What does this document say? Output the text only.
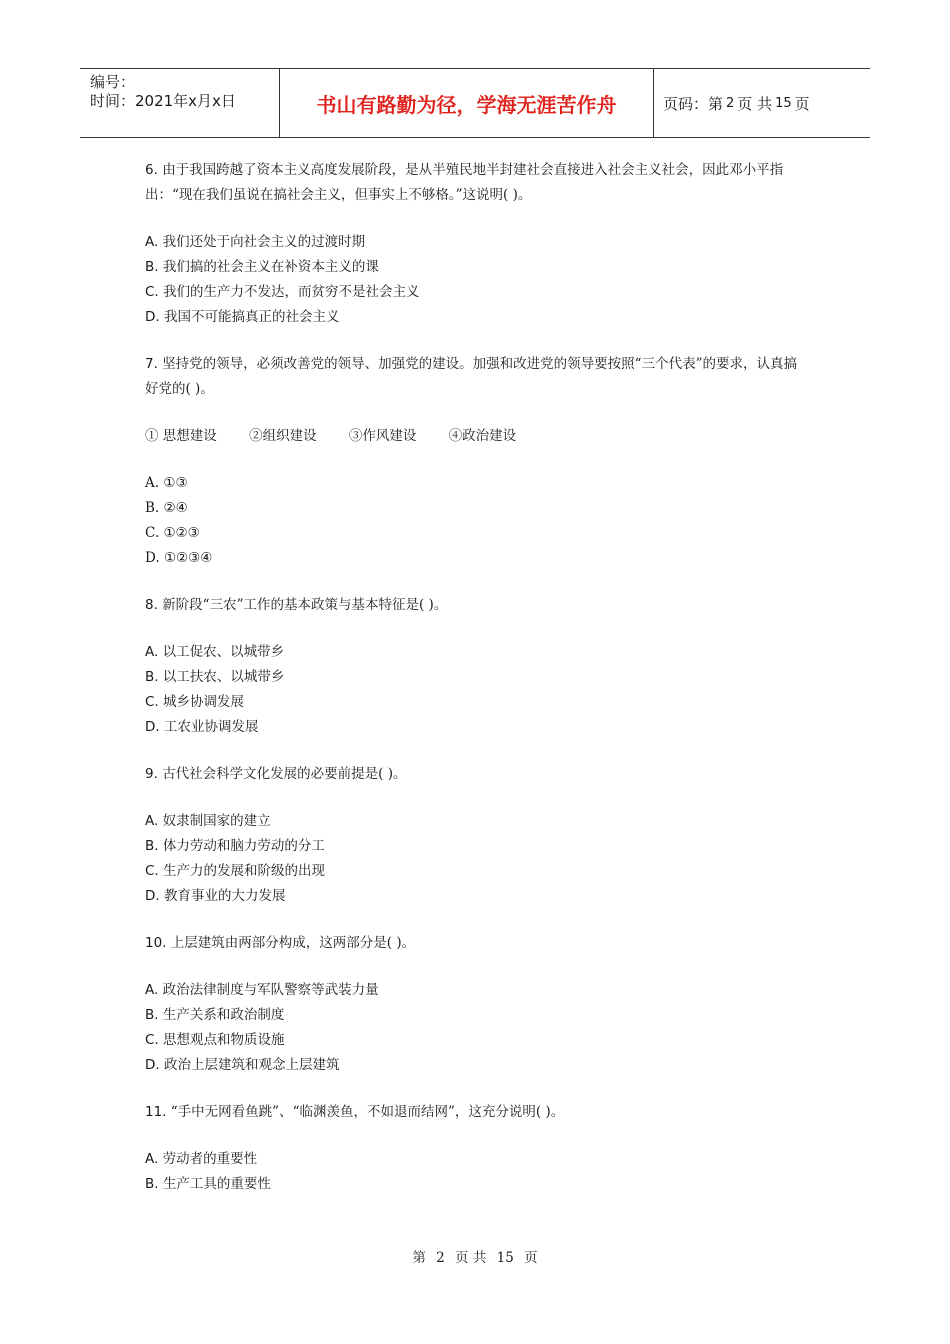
编号：
时间：2021年x月x日	书山有路勤为径，学海无涯苦作舟	页码：第 2 页 共 15 页
6. 由于我国跨越了资本主义高度发展阶段，是从半殖民地半封建社会直接进入社会主义社会，因此邓小平指出：“现在我们虽说在搞社会主义，但事实上不够格。”这说明( )。
A. 我们还处于向社会主义的过渡时期
B. 我们搞的社会主义在补资本主义的课
C. 我们的生产力不发达，而贫穷不是社会主义
D. 我国不可能搞真正的社会主义
7. 坚持党的领导，必须改善党的领导、加强党的建设。加强和改进党的领导要按照“三个代表”的要求，认真搞好党的( )。
① 思想建设 ②组织建设 ③作风建设 ④政治建设
A. ①③
B. ②④
C. ①②③
D. ①②③④
8. 新阶段“三农”工作的基本政策与基本特征是( )。
A. 以工促农、以城带乡
B. 以工扶农、以城带乡
C. 城乡协调发展
D. 工农业协调发展
9. 古代社会科学文化发展的必要前提是( )。
A. 奴隶制国家的建立
B. 体力劳动和脑力劳动的分工
C. 生产力的发展和阶级的出现
D. 教育事业的大力发展
10. 上层建筑由两部分构成，这两部分是( )。
A. 政治法律制度与军队警察等武装力量
B. 生产关系和政治制度
C. 思想观点和物质设施
D. 政治上层建筑和观念上层建筑
11. “手中无网看鱼跳”、“临渊羡鱼，不如退而结网”，这充分说明( )。
A. 劳动者的重要性
B. 生产工具的重要性
第 2 页 共 15 页
